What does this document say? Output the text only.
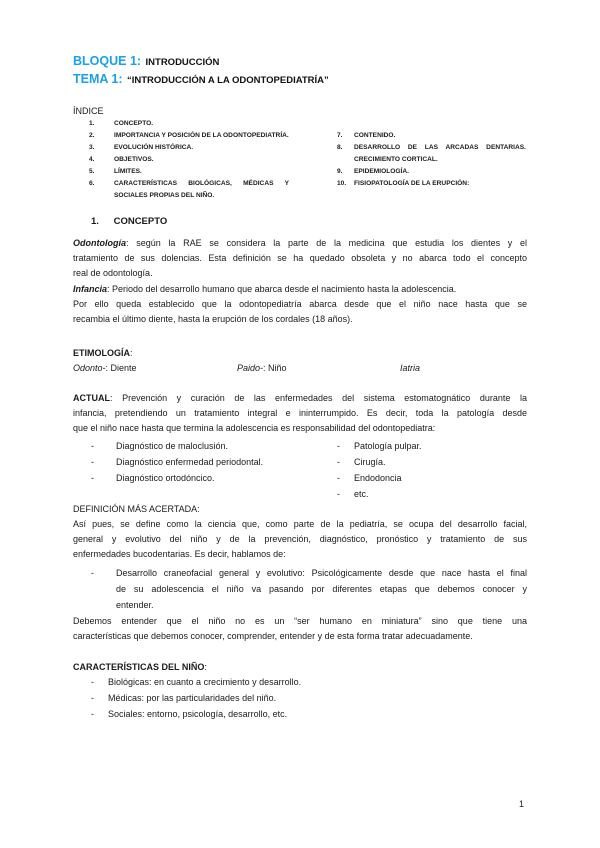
BLOQUE 1: INTRODUCCIÓN
TEMA 1: “INTRODUCCIÓN A LA ODONTOPEDIATRÍA”
ÍNDICE
1.	CONCEPTO.
2.	IMPORTANCIA Y POSICIÓN DE LA ODONTOPEDIATRÍA.
3.	EVOLUCIÓN HISTÓRICA.
4.	OBJETIVOS.
5.	LÍMITES.
6.	CARACTERÍSTICAS BIOLÓGICAS, MÉDICAS Y
SOCIALES PROPIAS DEL NIÑO.
7. CONTENIDO.
8. DESARROLLO DE LAS ARCADAS DENTARIAS.
CRECIMIENTO CORTICAL.
9. EPIDEMIOLOGÍA.
10. FISIOPATOLOGÍA DE LA ERUPCIÓN:
1. CONCEPTO
Odontología: según la RAE se considera la parte de la medicina que estudia los dientes y el
tratamiento de sus dolencias. Esta definición se ha quedado obsoleta y no abarca todo el concepto
real de odontología.
Infancia: Periodo del desarrollo humano que abarca desde el nacimiento hasta la adolescencia.
Por ello queda establecido que la odontopediatría abarca desde que el niño nace hasta que se
recambia el último diente, hasta la erupción de los cordales (18 años).
ETIMOLOGÍA:
Odonto-: Diente	Paido-: Niño	Iatria
ACTUAL: Prevención y curación de las enfermedades del sistema estomatognático durante la
infancia, pretendiendo un tratamiento integral e ininterrumpido. Es decir, toda la patología desde
que el niño nace hasta que termina la adolescencia es responsabilidad del odontopediatra:
- Diagnóstico de maloclusión.
- Diagnóstico enfermedad periodontal.
- Diagnóstico ortodóncico.
- Patología pulpar.
- Cirugía.
- Endodoncia
- etc.
DEFINICIÓN MÁS ACERTADA:
Así pues, se define como la ciencia que, como parte de la pediatría, se ocupa del desarrollo facial,
general y evolutivo del niño y de la prevención, diagnóstico, pronóstico y tratamiento de sus
enfermedades bucodentarias. Es decir, hablamos de:
- Desarrollo craneofacial general y evolutivo: Psicológicamente desde que nace hasta el final
de su adolescencia el niño va pasando por diferentes etapas que debemos conocer y
entender.
Debemos entender que el niño no es un “ser humano en miniatura” sino que tiene una
características que debemos conocer, comprender, entender y de esta forma tratar adecuadamente.
CARACTERÍSTICAS DEL NIÑO:
- Biológicas: en cuanto a crecimiento y desarrollo.
- Médicas: por las particularidades del niño.
- Sociales: entorno, psicología, desarrollo, etc.
1
